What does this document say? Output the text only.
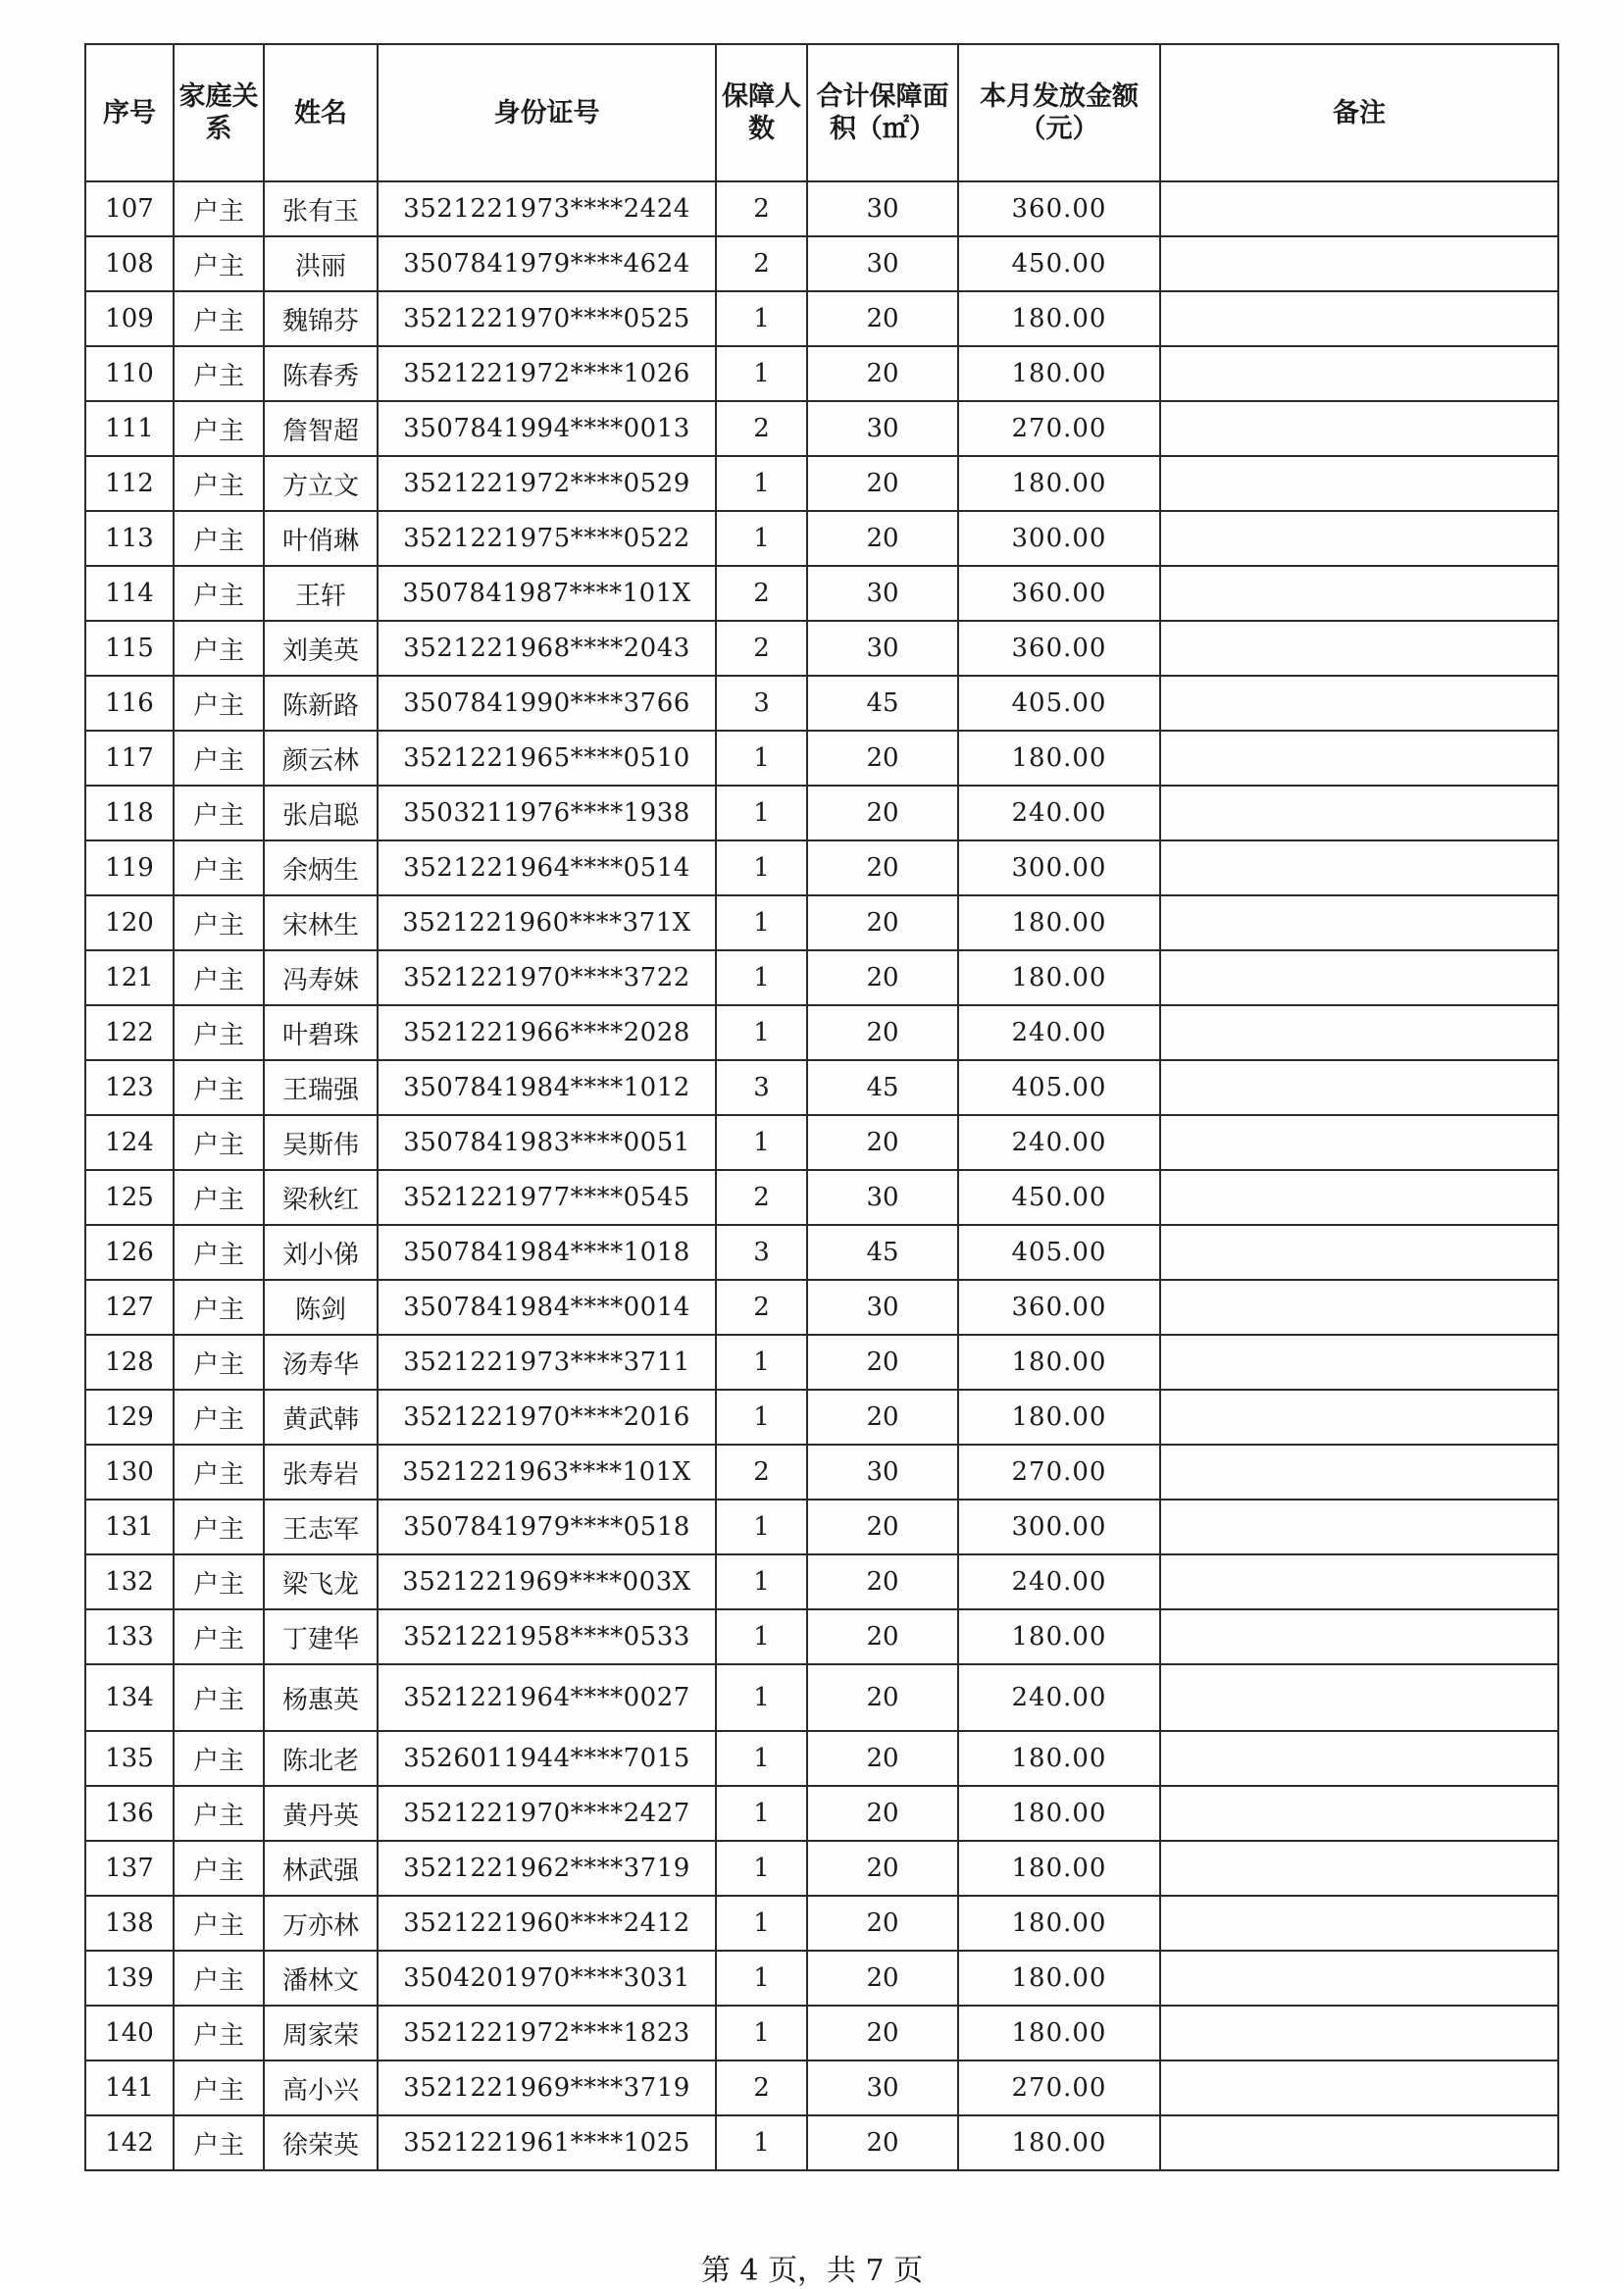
序号	家庭关系	姓名	身份证号	保障人数	合计保障面积（㎡）	本月发放金额（元）	备注
107	户主	张有玉	3521221973****2424	2	30	360.00	
108	户主	洪丽	3507841979****4624	2	30	450.00	
109	户主	魏锦芬	3521221970****0525	1	20	180.00	
110	户主	陈春秀	3521221972****1026	1	20	180.00	
111	户主	詹智超	3507841994****0013	2	30	270.00	
112	户主	方立文	3521221972****0529	1	20	180.00	
113	户主	叶俏琳	3521221975****0522	1	20	300.00	
114	户主	王轩	3507841987****101X	2	30	360.00	
115	户主	刘美英	3521221968****2043	2	30	360.00	
116	户主	陈新路	3507841990****3766	3	45	405.00	
117	户主	颜云林	3521221965****0510	1	20	180.00	
118	户主	张启聪	3503211976****1938	1	20	240.00	
119	户主	余炳生	3521221964****0514	1	20	300.00	
120	户主	宋林生	3521221960****371X	1	20	180.00	
121	户主	冯寿妹	3521221970****3722	1	20	180.00	
122	户主	叶碧珠	3521221966****2028	1	20	240.00	
123	户主	王瑞强	3507841984****1012	3	45	405.00	
124	户主	吴斯伟	3507841983****0051	1	20	240.00	
125	户主	梁秋红	3521221977****0545	2	30	450.00	
126	户主	刘小俤	3507841984****1018	3	45	405.00	
127	户主	陈剑	3507841984****0014	2	30	360.00	
128	户主	汤寿华	3521221973****3711	1	20	180.00	
129	户主	黄武韩	3521221970****2016	1	20	180.00	
130	户主	张寿岩	3521221963****101X	2	30	270.00	
131	户主	王志军	3507841979****0518	1	20	300.00	
132	户主	梁飞龙	3521221969****003X	1	20	240.00	
133	户主	丁建华	3521221958****0533	1	20	180.00	
134	户主	杨惠英	3521221964****0027	1	20	240.00	
135	户主	陈北老	3526011944****7015	1	20	180.00	
136	户主	黄丹英	3521221970****2427	1	20	180.00	
137	户主	林武强	3521221962****3719	1	20	180.00	
138	户主	万亦林	3521221960****2412	1	20	180.00	
139	户主	潘林文	3504201970****3031	1	20	180.00	
140	户主	周家荣	3521221972****1823	1	20	180.00	
141	户主	高小兴	3521221969****3719	2	30	270.00	
142	户主	徐荣英	3521221961****1025	1	20	180.00	
第 4 页，共 7 页
